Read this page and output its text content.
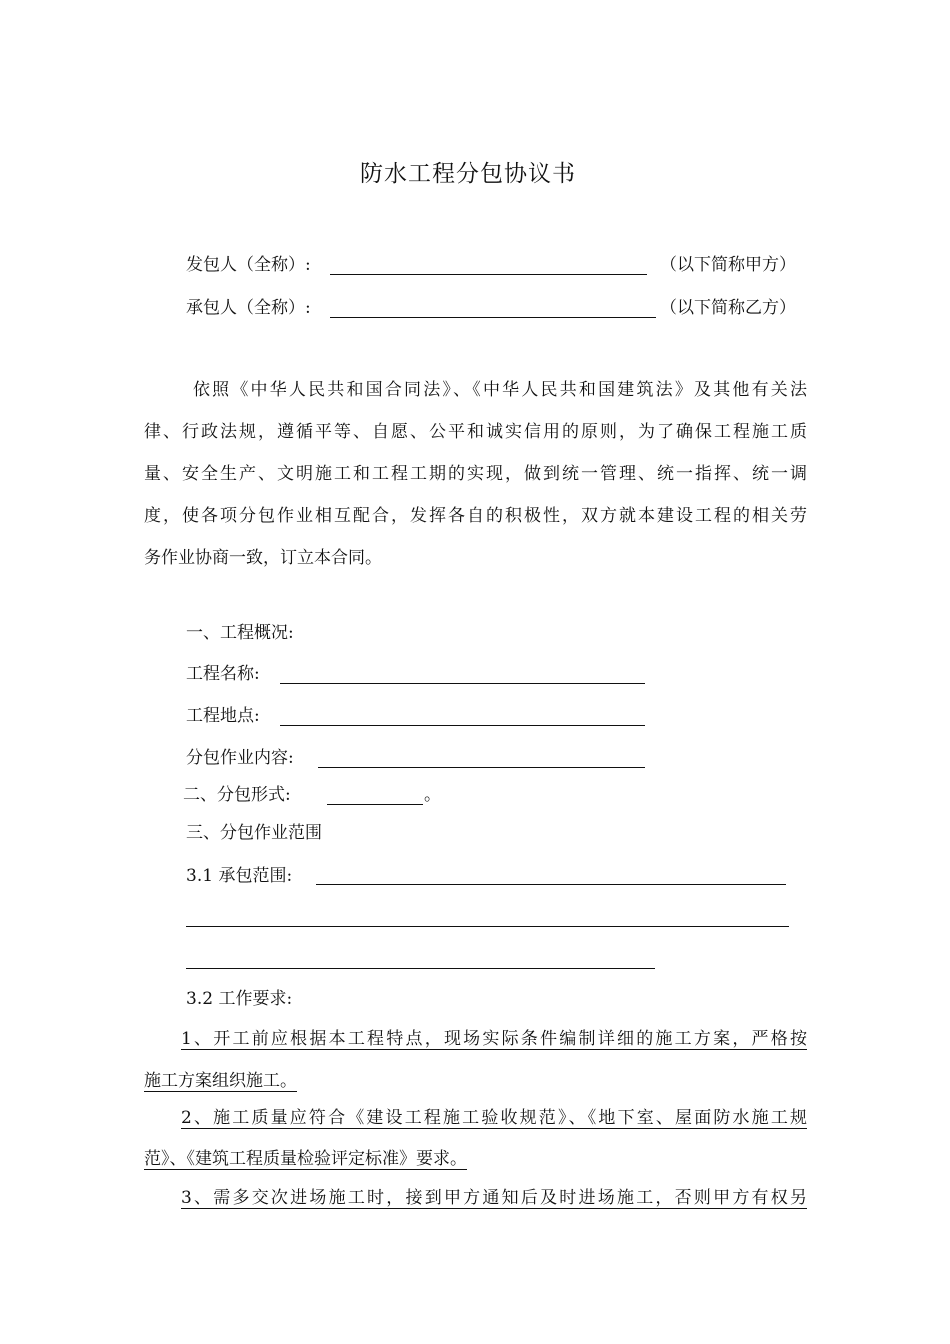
防水工程分包协议书
发包人（全称）:	（以下简称甲方）
承包人（全称）:	（以下简称乙方）
依照《中华人民共和国合同法》、《中华人民共和国建筑法》及其他有关法
律、行政法规，遵循平等、自愿、公平和诚实信用的原则，为了确保工程施工质
量、安全生产、文明施工和工程工期的实现，做到统一管理、统一指挥、统一调
度，使各项分包作业相互配合，发挥各自的积极性，双方就本建设工程的相关劳
务作业协商一致，订立本合同。
一、工程概况:
工程名称:
工程地点:
分包作业内容:
二、分包形式:	。
三、分包作业范围
3.1 承包范围:
3.2 工作要求:
1、开工前应根据本工程特点，现场实际条件编制详细的施工方案，严格按
施工方案组织施工。
2、施工质量应符合《建设工程施工验收规范》、《地下室、屋面防水施工规
范》、《建筑工程质量检验评定标准》要求。
3、需多交次进场施工时，接到甲方通知后及时进场施工，否则甲方有权另
